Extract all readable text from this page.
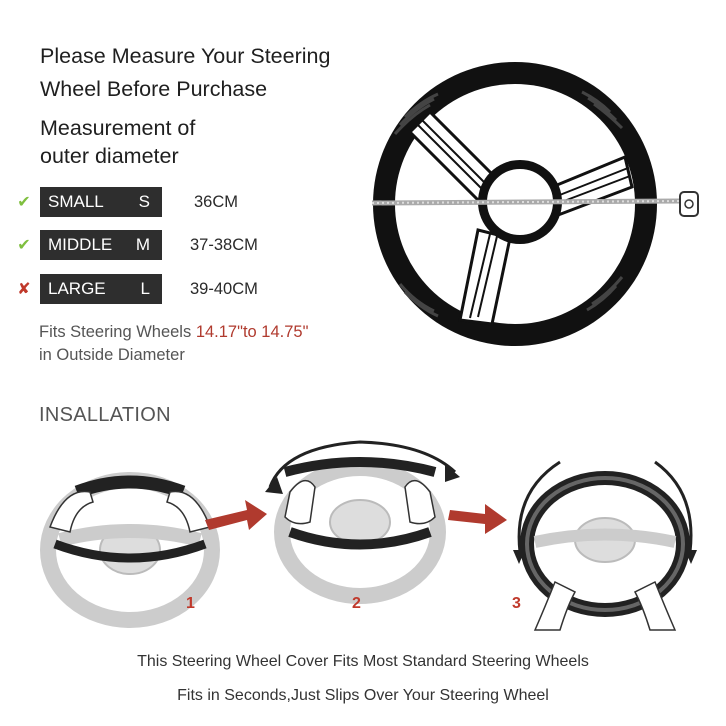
Please Measure Your Steering
Wheel Before Purchase
Measurement of
outer diameter
✔ SMALL S	36CM
✔ MIDDLE M 37-38CM
✘ LARGE L 39-40CM
Fits Steering Wheels 14.17"to 14.75"
in Outside Diameter
INSALLATION
1	2	3
This Steering Wheel Cover Fits Most Standard Steering Wheels
Fits in Seconds,Just Slips Over Your Steering Wheel
